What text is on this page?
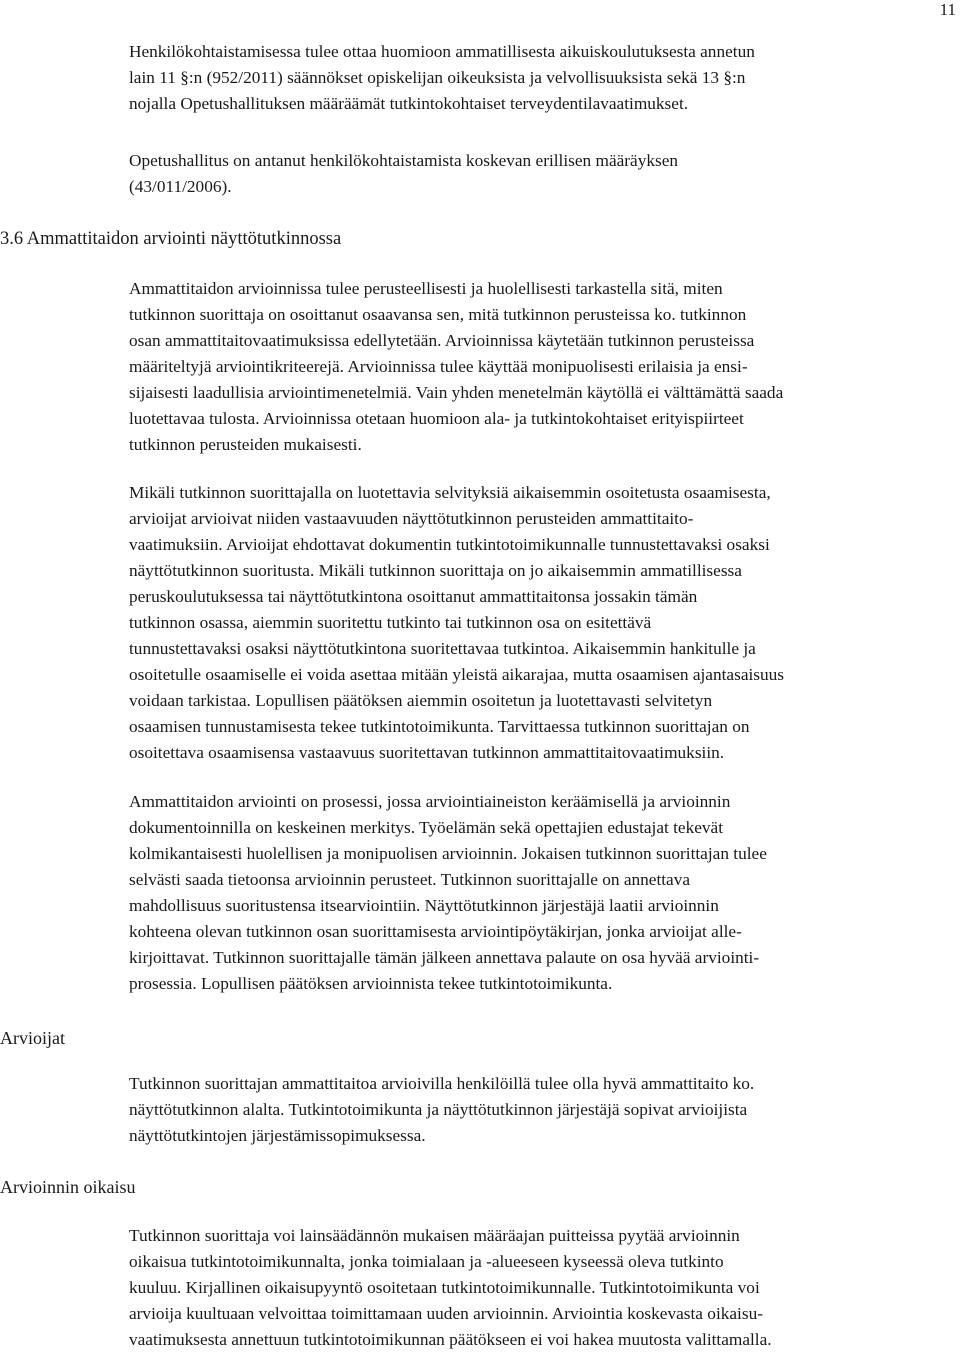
11

Henkilökohtaistamisessa tulee ottaa huomioon ammatillisesta aikuiskoulutuksesta annetun
lain 11 §:n (952/2011) säännökset opiskelijan oikeuksista ja velvollisuuksista sekä 13 §:n
nojalla Opetushallituksen määräämät tutkintokohtaiset terveydentilavaatimukset.

Opetushallitus on antanut henkilökohtaistamista koskevan erillisen määräyksen
(43/011/2006).

3.6 Ammattitaidon arviointi näyttötutkinnossa

Ammattitaidon arvioinnissa tulee perusteellisesti ja huolellisesti tarkastella sitä, miten
tutkinnon suorittaja on osoittanut osaavansa sen, mitä tutkinnon perusteissa ko. tutkinnon
osan ammattitaitovaatimuksissa edellytetään. Arvioinnissa käytetään tutkinnon perusteissa
määriteltyjä arviointikriteerejä. Arvioinnissa tulee käyttää monipuolisesti erilaisia ja ensi-
sijaisesti laadullisia arviointimenetelmiä. Vain yhden menetelmän käytöllä ei välttämättä saada
luotettavaa tulosta. Arvioinnissa otetaan huomioon ala- ja tutkintokohtaiset erityispiirteet
tutkinnon perusteiden mukaisesti.

Mikäli tutkinnon suorittajalla on luotettavia selvityksiä aikaisemmin osoitetusta osaamisesta,
arvioijat arvioivat niiden vastaavuuden näyttötutkinnon perusteiden ammattitaito-
vaatimuksiin. Arvioijat ehdottavat dokumentin tutkintotoimikunnalle tunnustettavaksi osaksi
näyttötutkinnon suoritusta. Mikäli tutkinnon suorittaja on jo aikaisemmin ammatillisessa
peruskoulutuksessa tai näyttötutkintona osoittanut ammattitaitonsa jossakin tämän
tutkinnon osassa, aiemmin suoritettu tutkinto tai tutkinnon osa on esitettävä
tunnustettavaksi osaksi näyttötutkintona suoritettavaa tutkintoa. Aikaisemmin hankitulle ja
osoitetulle osaamiselle ei voida asettaa mitään yleistä aikarajaa, mutta osaamisen ajantasaisuus
voidaan tarkistaa. Lopullisen päätöksen aiemmin osoitetun ja luotettavasti selvitetyn
osaamisen tunnustamisesta tekee tutkintotoimikunta. Tarvittaessa tutkinnon suorittajan on
osoitettava osaamisensa vastaavuus suoritettavan tutkinnon ammattitaitovaatimuksiin.

Ammattitaidon arviointi on prosessi, jossa arviointiaineiston keräämisellä ja arvioinnin
dokumentoinnilla on keskeinen merkitys. Työelämän sekä opettajien edustajat tekevät
kolmikantaisesti huolellisen ja monipuolisen arvioinnin. Jokaisen tutkinnon suorittajan tulee
selvästi saada tietoonsa arvioinnin perusteet. Tutkinnon suorittajalle on annettava
mahdollisuus suoritustensa itsearviointiin. Näyttötutkinnon järjestäjä laatii arvioinnin
kohteena olevan tutkinnon osan suorittamisesta arviointipöytäkirjan, jonka arvioijat alle-
kirjoittavat. Tutkinnon suorittajalle tämän jälkeen annettava palaute on osa hyvää arviointi-
prosessia. Lopullisen päätöksen arvioinnista tekee tutkintotoimikunta.

Arvioijat

Tutkinnon suorittajan ammattitaitoa arvioivilla henkilöillä tulee olla hyvä ammattitaito ko.
näyttötutkinnon alalta. Tutkintotoimikunta ja näyttötutkinnon järjestäjä sopivat arvioijista
näyttötutkintojen järjestämissopimuksessa.

Arvioinnin oikaisu

Tutkinnon suorittaja voi lainsäädännön mukaisen määräajan puitteissa pyytää arvioinnin
oikaisua tutkintotoimikunnalta, jonka toimialaan ja -alueeseen kyseessä oleva tutkinto
kuuluu. Kirjallinen oikaisupyyntö osoitetaan tutkintotoimikunnalle. Tutkintotoimikunta voi
arvioija kuultuaan velvoittaa toimittamaan uuden arvioinnin. Arviointia koskevasta oikaisu-
vaatimuksesta annettuun tutkintotoimikunnan päätökseen ei voi hakea muutosta valittamalla.
